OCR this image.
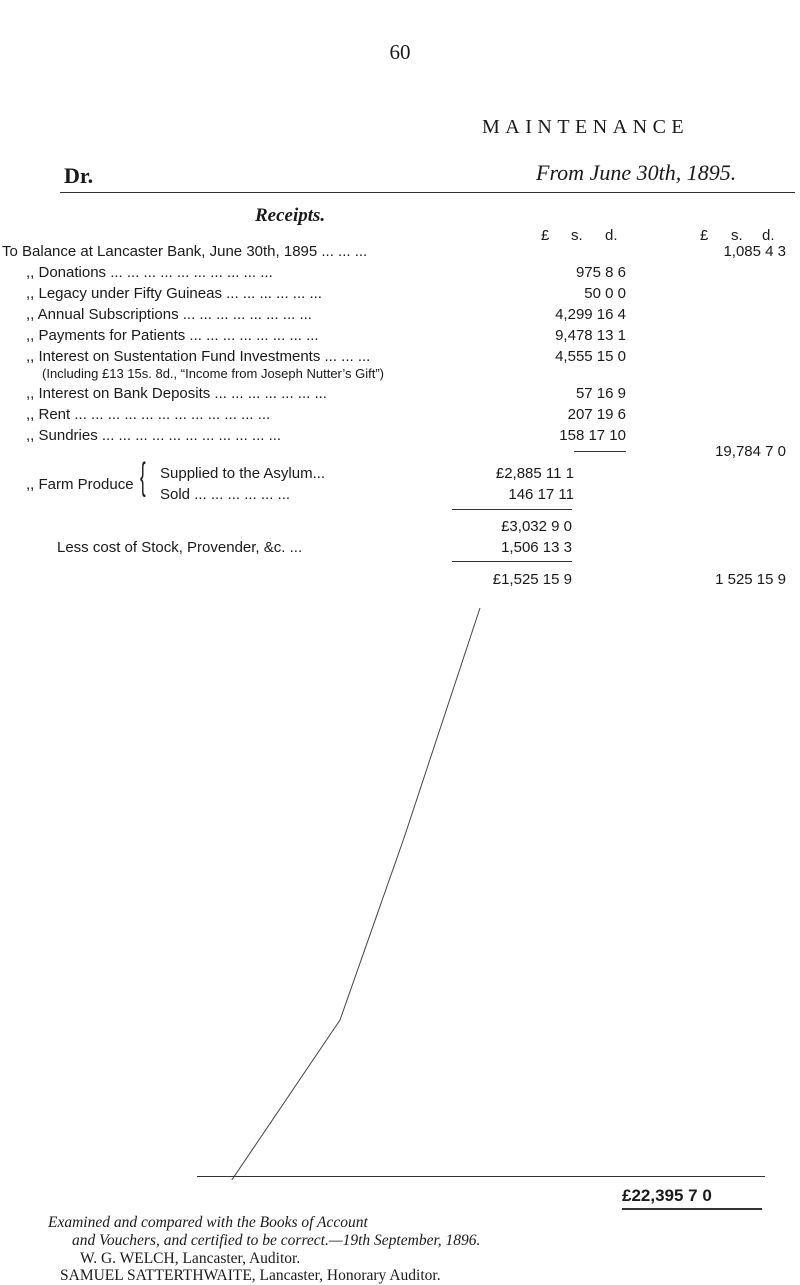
60
MAINTENANCE
Dr.	From June 30th, 1895.
Receipts.
£ s. d.	£ s. d.
To Balance at Lancaster Bank, June 30th, 1895 ... ... ...	1,085 4 3
,, Donations ... ... ... ... ... ... ... ... ... ...	975 8 6
,, Legacy under Fifty Guineas ... ... ... ... ... ...	50 0 0
,, Annual Subscriptions ... ... ... ... ... ... ... ...	4,299 16 4
,, Payments for Patients ... ... ... ... ... ... ... ...	9,478 13 1
,, Interest on Sustentation Fund Investments ... ... ...	4,555 15 0
(Including £13 15s. 8d., “Income from Joseph Nutter’s Gift”)
,, Interest on Bank Deposits ... ... ... ... ... ... ...	57 16 9
,, Rent ... ... ... ... ... ... ... ... ... ... ... ...	207 19 6
,, Sundries ... ... ... ... ... ... ... ... ... ... ...	158 17 10
19,784 7 0
,, Farm Produce { Supplied to the Asylum...	£2,885 11 1
Sold ... ... ... ... ... ...	146 17 11
£3,032 9 0
Less cost of Stock, Provender, &c. ...	1,506 13 3
£1,525 15 9	1 525 15 9
£22,395 7 0
Examined and compared with the Books of Account
and Vouchers, and certified to be correct.—19th September, 1896.
W. G. WELCH, Lancaster, Auditor.
SAMUEL SATTERTHWAITE, Lancaster, Honorary Auditor.
